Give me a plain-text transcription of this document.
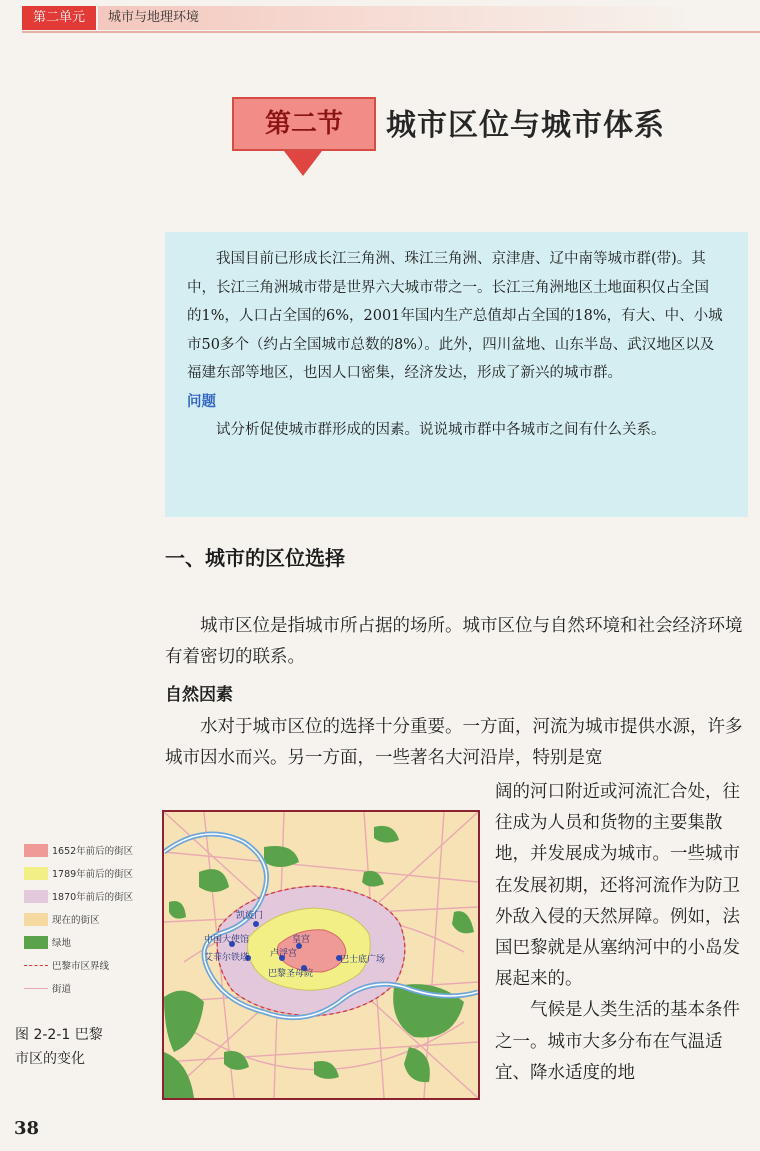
第二单元	城市与地理环境
第二节	城市区位与城市体系

我国目前已形成长江三角洲、珠江三角洲、京津唐、辽中南等城市群(带)。其中，长江三角洲城市带是世界六大城市带之一。长江三角洲地区土地面积仅占全国的1%，人口占全国的6%，2001年国内生产总值却占全国的18%，有大、中、小城市50多个（约占全国城市总数的8%）。此外，四川盆地、山东半岛、武汉地区以及福建东部等地区，也因人口密集，经济发达，形成了新兴的城市群。

问题

试分析促使城市群形成的因素。说说城市群中各城市之间有什么关系。

一、城市的区位选择

城市区位是指城市所占据的场所。城市区位与自然环境和社会经济环境有着密切的联系。

自然因素

水对于城市区位的选择十分重要。一方面，河流为城市提供水源，许多城市因水而兴。另一方面，一些著名大河沿岸，特别是宽

阔的河口附近或河流汇合处，往往成为人员和货物的主要集散地，并发展成为城市。一些城市在发展初期，还将河流作为防卫外敌入侵的天然屏障。例如，法国巴黎就是从塞纳河中的小岛发展起来的。

气候是人类生活的基本条件之一。城市大多分布在气温适宜、降水适度的地

1652年前后的街区
1789年前后的街区
1870年前后的街区
现在的街区
绿地
巴黎市区界线
街道
图 2-2-1 巴黎
市区的变化
凯旋门
中国大使馆
艾菲尔铁塔 卢浮宫
皇宫
巴士底广场
巴黎圣母院
38
